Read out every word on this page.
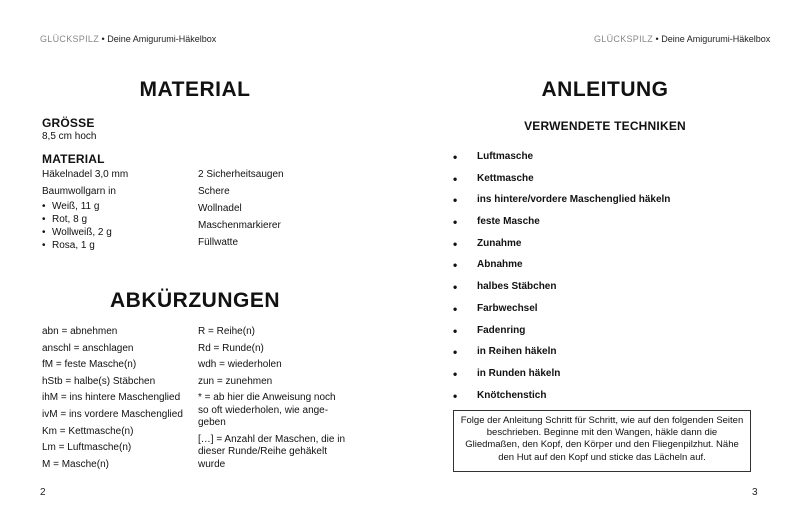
GLÜCKSPILZ • Deine Amigurumi-Häkelbox
MATERIAL
GRÖSSE
8,5 cm hoch
MATERIAL
Häkelnadel 3,0 mm
Baumwollgarn in
• Weiß, 11 g
• Rot, 8 g
• Wollweiß, 2 g
• Rosa, 1 g
2 Sicherheitsaugen
Schere
Wollnadel
Maschenmarkierer
Füllwatte
ABKÜRZUNGEN
abn = abnehmen
anschl = anschlagen
fM = feste Masche(n)
hStb = halbe(s) Stäbchen
ihM = ins hintere Maschenglied
ivM = ins vordere Maschenglied
Km = Kettmasche(n)
Lm = Luftmasche(n)
M = Masche(n)
R = Reihe(n)
Rd = Runde(n)
wdh = wiederholen
zun = zunehmen
* = ab hier die Anweisung noch so oft wiederholen, wie ange-geben
[…] = Anzahl der Maschen, die in dieser Runde/Reihe gehäkelt wurde
2
GLÜCKSPILZ • Deine Amigurumi-Häkelbox
ANLEITUNG
VERWENDETE TECHNIKEN
• Luftmasche
• Kettmasche
• ins hintere/vordere Maschenglied häkeln
• feste Masche
• Zunahme
• Abnahme
• halbes Stäbchen
• Farbwechsel
• Fadenring
• in Reihen häkeln
• in Runden häkeln
• Knötchenstich
Folge der Anleitung Schritt für Schritt, wie auf den folgenden Seiten beschrieben. Beginne mit den Wangen, häkle dann die Gliedmaßen, den Kopf, den Körper und den Fliegenpilzhut. Nähe den Hut auf den Kopf und sticke das Lächeln auf.
3
